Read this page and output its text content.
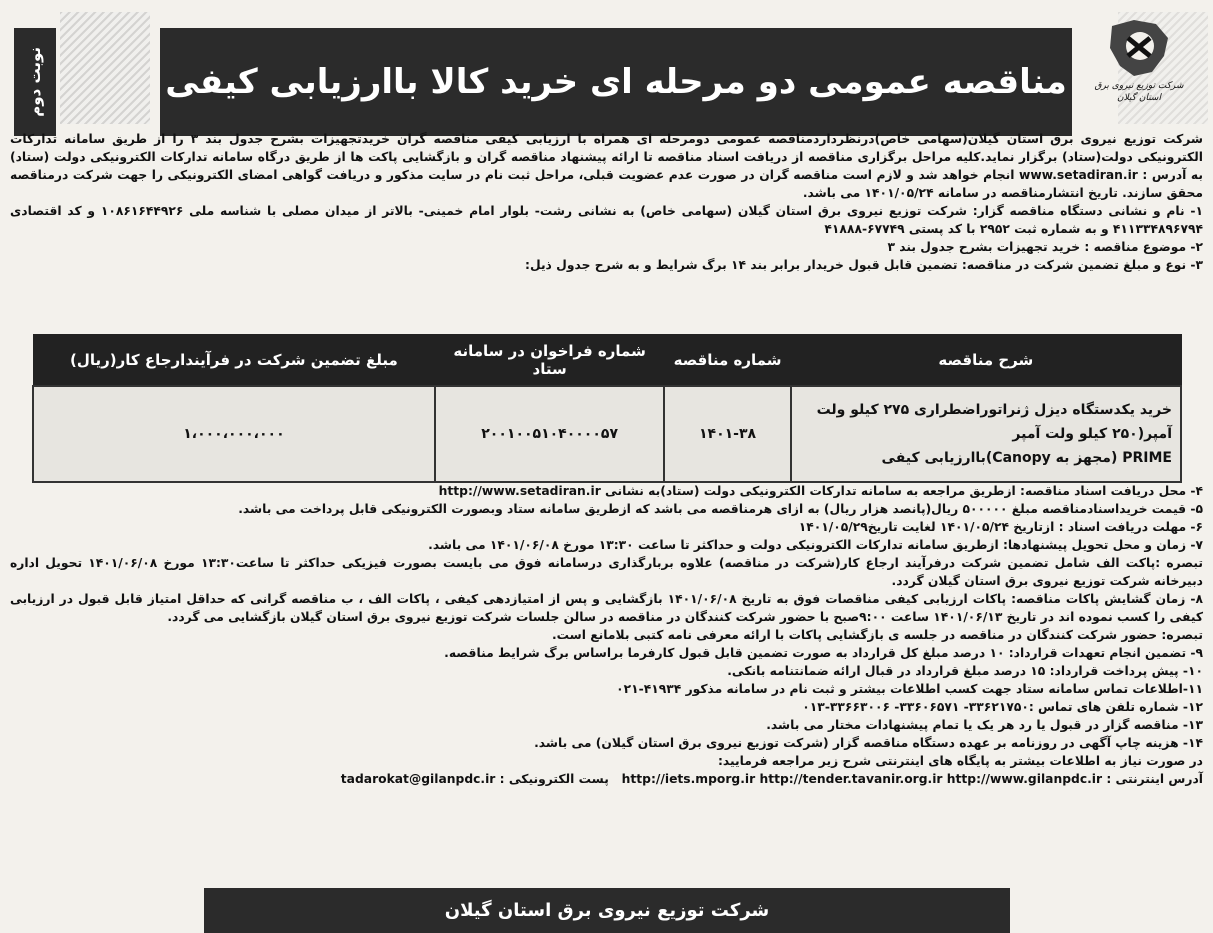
نوبت دوم	مناقصه عمومی دو مرحله ای خرید کالا باارزیابی کیفی	شرکت توزیع نیروی برق
استان گیلان

شرکت توزیع نیروی برق استان گیلان(سهامی خاص)درنظرداردمناقصه عمومی دومرحله ای همراه با ارزیابی کیفی مناقصه گران خریدتجهیزات بشرح جدول بند ۳ را از طریق سامانه تدارکات الکترونیکی دولت(ستاد) برگزار نماید.کلیه مراحل برگزاری مناقصه از دریافت اسناد مناقصه تا ارائه پیشنهاد مناقصه گران و بازگشایی پاکت ها از طریق درگاه سامانه تدارکات الکترونیکی دولت (ستاد) به آدرس : www.setadiran.ir انجام خواهد شد و لازم است مناقصه گران در صورت عدم عضویت قبلی، مراحل ثبت نام در سایت مذکور و دریافت گواهی امضای الکترونیکی را جهت شرکت درمناقصه محقق سازند. تاریخ انتشارمناقصه در سامانه ۱۴۰۱/۰۵/۲۴ می باشد.

۱- نام و نشانی دستگاه مناقصه گزار: شرکت توزیع نیروی برق استان گیلان (سهامی خاص) به نشانی رشت- بلوار امام خمینی- بالاتر از میدان مصلی با شناسه ملی ۱۰۸۶۱۶۴۴۹۲۶ و کد اقتصادی ۴۱۱۳۳۴۸۹۶۷۹۴ و به شماره ثبت ۲۹۵۲ با کد پستی ۶۷۷۴۹-۴۱۸۸۸

۲- موضوع مناقصه : خرید تجهیزات بشرح جدول بند ۳

۳- نوع و مبلغ تضمین شرکت در مناقصه: تضمین قابل قبول خریدار برابر بند ۱۴ برگ شرایط و به شرح جدول ذیل:

شرح مناقصه	شماره مناقصه	شماره فراخوان در سامانه ستاد	مبلغ تضمین شرکت در فرآیندارجاع کار(ریال)

خرید یکدستگاه دیزل ژنراتوراضطراری ۲۷۵ کیلو ولت آمپر(۲۵۰ کیلو ولت آمپر
PRIME (مجهز به Canopy)باارزیابی کیفی	۱۴۰۱-۳۸	۲۰۰۱۰۰۵۱۰۴۰۰۰۰۵۷	۱،۰۰۰،۰۰۰،۰۰۰

۴- محل دریافت اسناد مناقصه: ازطریق مراجعه به سامانه تدارکات الکترونیکی دولت (ستاد)به نشانی http://www.setadiran.ir

۵- قیمت خریداسنادمناقصه مبلغ ۵۰۰۰۰۰ ریال(پانصد هزار ریال) به ازای هرمناقصه می باشد که ازطریق سامانه ستاد وبصورت الکترونیکی قابل پرداخت می باشد.

۶- مهلت دریافت اسناد : ازتاریخ ۱۴۰۱/۰۵/۲۴ لغایت تاریخ۱۴۰۱/۰۵/۲۹

۷- زمان و محل تحویل پیشنهادها: ازطریق سامانه تدارکات الکترونیکی دولت و حداکثر تا ساعت ۱۳:۳۰ مورخ ۱۴۰۱/۰۶/۰۸ می باشد.

تبصره :پاکت الف شامل تضمین شرکت درفرآیند ارجاع کار(شرکت در مناقصه) علاوه بربارگذاری درسامانه فوق می بایست بصورت فیزیکی حداکثر تا ساعت۱۳:۳۰ مورخ ۱۴۰۱/۰۶/۰۸ تحویل اداره دبیرخانه شرکت توزیع نیروی برق استان گیلان گردد.

۸- زمان گشایش پاکات مناقصه: پاکات ارزیابی کیفی مناقصات فوق به تاریخ ۱۴۰۱/۰۶/۰۸ بازگشایی و پس از امتیازدهی کیفی ، پاکات الف ، ب مناقصه گرانی که حداقل امتیاز قابل قبول در ارزیابی کیفی را کسب نموده اند در تاریخ ۱۴۰۱/۰۶/۱۳ ساعت ۹:۰۰صبح با حضور شرکت کنندگان در مناقصه در سالن جلسات شرکت توزیع نیروی برق استان گیلان بازگشایی می گردد.

تبصره: حضور شرکت کنندگان در مناقصه در جلسه ی بازگشایی پاکات با ارائه معرفی نامه کتبی بلامانع است.

۹- تضمین انجام تعهدات قرارداد: ۱۰ درصد مبلغ کل قرارداد به صورت تضمین قابل قبول کارفرما براساس برگ شرایط مناقصه.

۱۰- پیش پرداخت قرارداد: ۱۵ درصد مبلغ قرارداد در قبال ارائه ضمانتنامه بانکی.

۱۱-اطلاعات تماس سامانه ستاد جهت کسب اطلاعات بیشتر و ثبت نام در سامانه مذکور ۴۱۹۳۴-۰۲۱

۱۲- شماره تلفن های تماس :۳۳۶۲۱۷۵۰- ۳۳۶۰۶۵۷۱- ۳۳۶۶۳۰۰۶-۰۱۳

۱۳- مناقصه گزار در قبول یا رد هر یک یا تمام پیشنهادات مختار می باشد.

۱۴- هزینه چاپ آگهی در روزنامه بر عهده دستگاه مناقصه گزار (شرکت توزیع نیروی برق استان گیلان) می باشد.

در صورت نیاز به اطلاعات بیشتر به پایگاه های اینترنتی شرح زیر مراجعه فرمایید:

آدرس اینترنتی : http://iets.mporg.ir http://tender.tavanir.org.ir http://www.gilanpdc.ir   پست الکترونیکی : tadarokat@gilanpdc.ir

شرکت توزیع نیروی برق استان گیلان
